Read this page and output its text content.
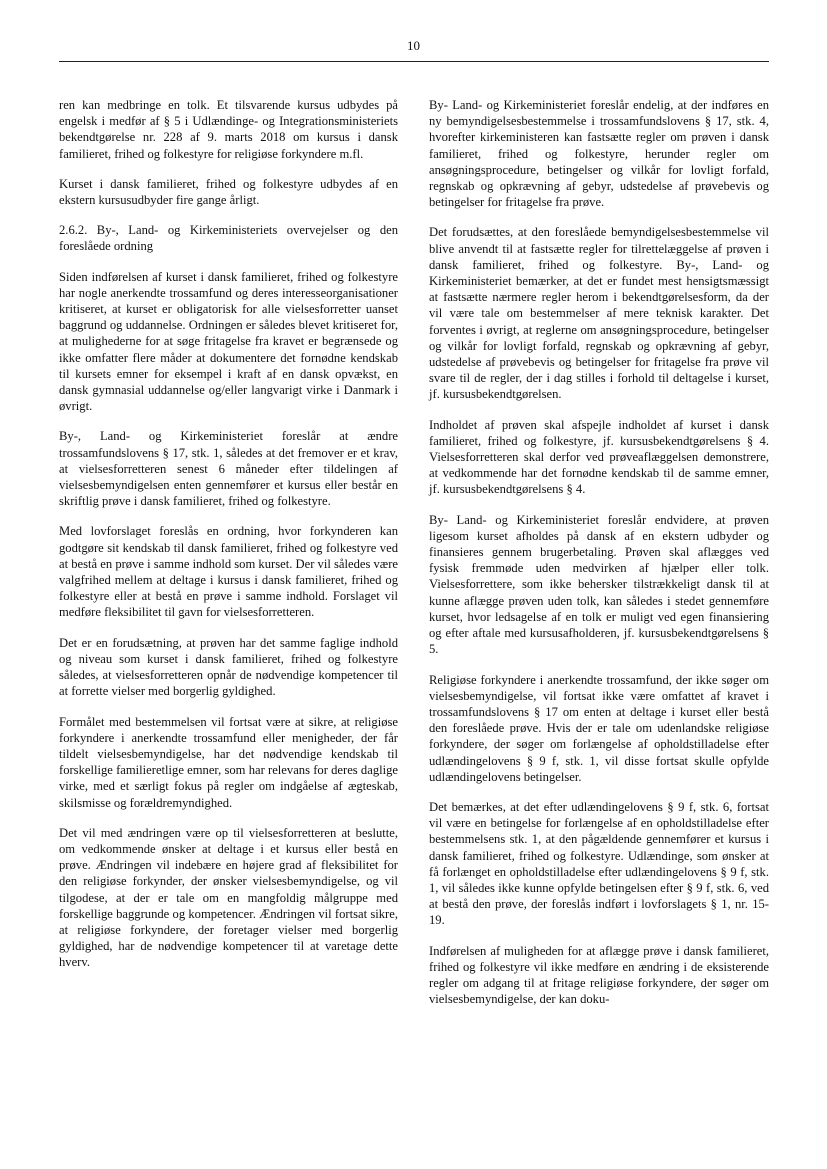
10

ren kan medbringe en tolk. Et tilsvarende kursus udbydes på engelsk i medfør af § 5 i Udlændinge- og Integrationsministeriets bekendtgørelse nr. 228 af 9. marts 2018 om kursus i dansk familieret, frihed og folkestyre for religiøse forkyndere m.fl.

Kurset i dansk familieret, frihed og folkestyre udbydes af en ekstern kursusudbyder fire gange årligt.

2.6.2. By-, Land- og Kirkeministeriets overvejelser og den foreslåede ordning

Siden indførelsen af kurset i dansk familieret, frihed og folkestyre har nogle anerkendte trossamfund og deres interesseorganisationer kritiseret, at kurset er obligatorisk for alle vielsesforretter uanset baggrund og uddannelse. Ordningen er således blevet kritiseret for, at mulighederne for at søge fritagelse fra kravet er begrænsede og ikke omfatter flere måder at dokumentere det fornødne kendskab til kursets emner for eksempel i kraft af en dansk opvækst, en dansk gymnasial uddannelse og/eller langvarigt virke i Danmark i øvrigt.

By-, Land- og Kirkeministeriet foreslår at ændre trossamfundslovens § 17, stk. 1, således at det fremover er et krav, at vielsesforretteren senest 6 måneder efter tildelingen af vielsesbemyndigelsen enten gennemfører et kursus eller består en skriftlig prøve i dansk familieret, frihed og folkestyre.

Med lovforslaget foreslås en ordning, hvor forkynderen kan godtgøre sit kendskab til dansk familieret, frihed og folkestyre ved at bestå en prøve i samme indhold som kurset. Der vil således være valgfrihed mellem at deltage i kursus i dansk familieret, frihed og folkestyre eller at bestå en prøve i samme indhold. Forslaget vil medføre fleksibilitet til gavn for vielsesforretteren.

Det er en forudsætning, at prøven har det samme faglige indhold og niveau som kurset i dansk familieret, frihed og folkestyre således, at vielsesforretteren opnår de nødvendige kompetencer til at forrette vielser med borgerlig gyldighed.

Formålet med bestemmelsen vil fortsat være at sikre, at religiøse forkyndere i anerkendte trossamfund eller menigheder, der får tildelt vielsesbemyndigelse, har det nødvendige kendskab til forskellige familieretlige emner, som har relevans for deres daglige virke, med et særligt fokus på regler om indgåelse af ægteskab, skilsmisse og forældremyndighed.

Det vil med ændringen være op til vielsesforretteren at beslutte, om vedkommende ønsker at deltage i et kursus eller bestå en prøve. Ændringen vil indebære en højere grad af fleksibilitet for den religiøse forkynder, der ønsker vielsesbemyndigelse, og vil tilgodese, at der er tale om en mangfoldig målgruppe med forskellige baggrunde og kompetencer. Ændringen vil fortsat sikre, at religiøse forkyndere, der foretager vielser med borgerlig gyldighed, har de nødvendige kompetencer til at varetage dette hverv.

By- Land- og Kirkeministeriet foreslår endelig, at der indføres en ny bemyndigelsesbestemmelse i trossamfundslovens § 17, stk. 4, hvorefter kirkeministeren kan fastsætte regler om prøven i dansk familieret, frihed og folkestyre, herunder regler om ansøgningsprocedure, betingelser og vilkår for lovligt forfald, regnskab og opkrævning af gebyr, udstedelse af prøvebevis og betingelser for fritagelse fra prøve.

Det forudsættes, at den foreslåede bemyndigelsesbestemmelse vil blive anvendt til at fastsætte regler for tilrettelæggelse af prøven i dansk familieret, frihed og folkestyre. By-, Land- og Kirkeministeriet bemærker, at det er fundet mest hensigtsmæssigt at fastsætte nærmere regler herom i bekendtgørelsesform, da der vil være tale om bestemmelser af mere teknisk karakter. Det forventes i øvrigt, at reglerne om ansøgningsprocedure, betingelser og vilkår for lovligt forfald, regnskab og opkrævning af gebyr, udstedelse af prøvebevis og betingelser for fritagelse fra prøve vil svare til de regler, der i dag stilles i forhold til deltagelse i kurset, jf. kursusbekendtgørelsen.

Indholdet af prøven skal afspejle indholdet af kurset i dansk familieret, frihed og folkestyre, jf. kursusbekendtgørelsens § 4. Vielsesforretteren skal derfor ved prøveaflæggelsen demonstrere, at vedkommende har det fornødne kendskab til de samme emner, jf. kursusbekendtgørelsens § 4.

By- Land- og Kirkeministeriet foreslår endvidere, at prøven ligesom kurset afholdes på dansk af en ekstern udbyder og finansieres gennem brugerbetaling. Prøven skal aflægges ved fysisk fremmøde uden medvirken af hjælper eller tolk. Vielsesforrettere, som ikke behersker tilstrækkeligt dansk til at kunne aflægge prøven uden tolk, kan således i stedet gennemføre kurset, hvor ledsagelse af en tolk er muligt ved egen finansiering og efter aftale med kursusafholderen, jf. kursusbekendtgørelsens § 5.

Religiøse forkyndere i anerkendte trossamfund, der ikke søger om vielsesbemyndigelse, vil fortsat ikke være omfattet af kravet i trossamfundslovens § 17 om enten at deltage i kurset eller bestå den foreslåede prøve. Hvis der er tale om udenlandske religiøse forkyndere, der søger om forlængelse af opholdstilladelse efter udlændingelovens § 9 f, stk. 1, vil disse fortsat skulle opfylde udlændingelovens betingelser.

Det bemærkes, at det efter udlændingelovens § 9 f, stk. 6, fortsat vil være en betingelse for forlængelse af en opholdstilladelse efter bestemmelsens stk. 1, at den pågældende gennemfører et kursus i dansk familieret, frihed og folkestyre. Udlændinge, som ønsker at få forlænget en opholdstilladelse efter udlændingelovens § 9 f, stk. 1, vil således ikke kunne opfylde betingelsen efter § 9 f, stk. 6, ved at bestå den prøve, der foreslås indført i lovforslagets § 1, nr. 15-19.

Indførelsen af muligheden for at aflægge prøve i dansk familieret, frihed og folkestyre vil ikke medføre en ændring i de eksisterende regler om adgang til at fritage religiøse forkyndere, der søger om vielsesbemyndigelse, der kan doku-
